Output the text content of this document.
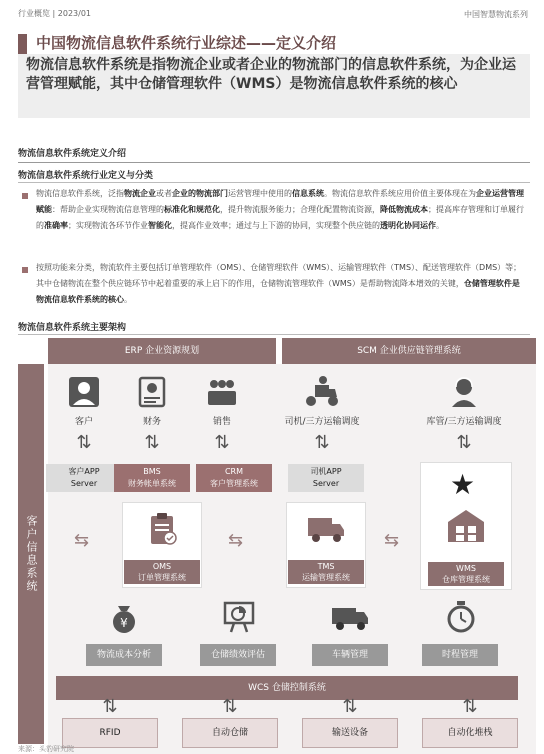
行业概览 | 2023/01	中国智慧物流系列
中国物流信息软件系统行业综述——定义介绍
物流信息软件系统是指物流企业或者企业的物流部门的信息软件系统，为企业运营管理赋能，其中仓储管理软件（WMS）是物流信息软件系统的核心
物流信息软件系统定义介绍
物流信息软件系统行业定义与分类
物流信息软件系统，泛指物流企业或者企业的物流部门运营管理中使用的信息系统。物流信息软件系统应用价值主要体现在为企业运营管理赋能：帮助企业实现物流信息管理的标准化和规范化，提升物流服务能力；合理化配置物流资源，降低物流成本；提高库存管理和订单履行的准确率；实现物流各环节作业智能化，提高作业效率；通过与上下游的协同，实现整个供应链的透明化协同运作。
按照功能来分类，物流软件主要包括订单管理软件（OMS）、仓储管理软件（WMS）、运输管理软件（TMS）、配送管理软件（DMS）等；其中仓储物流在整个供应链环节中起着重要的承上启下的作用，仓储物流管理软件（WMS）是帮助物流降本增效的关键，仓储管理软件是物流信息软件系统的核心。
物流信息软件系统主要架构
ERP 企业资源规划	SCM 企业供应链管理系统
客户信息系统
客户	财务	销售	司机/三方运输调度	库管/三方运输调度
⇅	⇅	⇅	⇅	⇅
客户APP
Server
BMS
财务帐单系统
CRM
客户管理系统
司机APP
Server	★
WMS
仓库管理系统
OMS
订单管理系统
TMS
运输管理系统
⇆	⇆	⇆
¥
物流成本分析	仓储绩效评估	车辆管理	时程管理
WCS 仓储控制系统
⇅	⇅	⇅	⇅
RFID	自动仓储	输送设备	自动化堆栈
来源：头豹研究院
